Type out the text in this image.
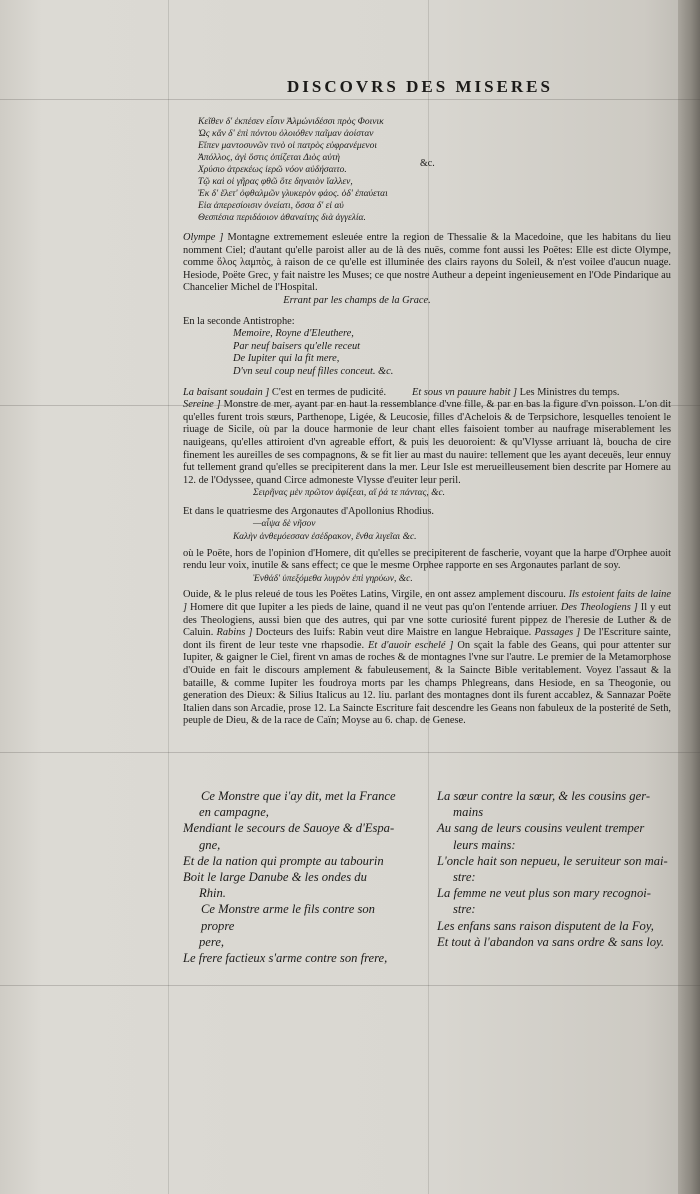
DISCOVRS DES MISERES
Κεῖθεν δ' ἐκπέσεν εἶσιν Ἀλμώνιδέσσι πρὸς Φοινικ
Ὡς κἄν δ' ἐπὶ πόντου ὀλοιόθεν παῖμαν ἀοίσταν
Εἴπεν μαντοσυνῶν τινὸ οἱ πατρὸς εὐφρανέμενοι
Ἀπόλλος, ἀγὶ ὅστις ὀπίζεται Διὸς αὐτὴ
Χρύσιο ἀτρεκέως ἱερῶ νόον αὐδήσαιτο.
Τῷ καὶ οἱ γῆρας φθῶ ὅτε δηναιὸν ἴαλλεν,
Ἐκ δ' ἔλετ' ὀφθαλμῶν γλυκερὸν φάος. ὁδ' ἐπαύεται
Εἰα ἀπερεσίοισιν ὀνείατι, ὅσσα δ' εἰ αὐ
Θεσπέσια περιδάοιον ἀθαναίτης διὰ ἀγγελία.
&c.

Olympe ] Montagne extremement esleuée entre la region de Thessalie & la Macedoine, que les habitans du lieu nomment Ciel; d'autant qu'elle paroist aller au de là des nuës, comme font aussi les Poëtes: Elle est dicte Olympe, comme ὅλος λαμπὸς, à raison de ce qu'elle est illuminée des clairs rayons du Soleil, & n'est voilee d'aucun nuage. Hesiode, Poëte Grec, y fait naistre les Muses; ce que nostre Autheur a depeint ingenieusement en l'Ode Pindarique au Chancelier Michel de l'Hospital.

Errant par les champs de la Grace.
En la seconde Antistrophe:
Memoire, Royne d'Eleuthere,
Par neuf baisers qu'elle receut
De Iupiter qui la fit mere,
D'vn seul coup neuf filles conceut. &c.

La baisant soudain ] C'est en termes de pudicité. Et sous vn pauure habit ] Les Ministres du temps.

Sereine ] Monstre de mer, ayant par en haut la ressemblance d'vne fille, & par en bas la figure d'vn poisson. L'on dit qu'elles furent trois sœurs, Parthenope, Ligée, & Leucosie, filles d'Achelois & de Terpsichore, lesquelles tenoient le riuage de Sicile, où par la douce harmonie de leur chant elles faisoient tomber au naufrage miserablement les nauigeans, qu'elles attiroient d'vn agreable effort, & puis les deuoroient: & qu'Vlysse arriuant là, boucha de cire finement les aureilles de ses compagnons, & se fit lier au mast du nauire: tellement que les ayant deceuës, leur ennuy fut tellement grand qu'elles se precipiterent dans la mer. Leur Isle est merueilleusement bien descrite par Homere au 12. de l'Odyssee, quand Circe admoneste Vlysse d'euiter leur peril.

Σειρῆνας μὲν πρῶτον ἀφίξεαι, αἵ ῥά τε πάντας, &c.
Et dans le quatriesme des Argonautes d'Apollonius Rhodius.
—αἶψα δὲ νῆσον
Καλὴν ἀνθεμόεσσαν ἐσέδρακον, ἔνθα λιγεῖαι &c.

où le Poëte, hors de l'opinion d'Homere, dit qu'elles se precipiterent de fascherie, voyant que la harpe d'Orphee auoit rendu leur voix, inutile & sans effect; ce que le mesme Orphee rapporte en ses Argonautes parlant de soy.

Ἐνθάδ' ὑπεξόμεθα λυγρὸν ἐπὶ γηρύων, &c.

Ouide, & le plus releué de tous les Poëtes Latins, Virgile, en ont assez amplement discouru. Ils estoient faits de laine ] Homere dit que Iupiter a les pieds de laine, quand il ne veut pas qu'on l'entende arriuer. Des Theologiens ] Il y eut des Theologiens, aussi bien que des autres, qui par vne sotte curiosité furent pippez de l'heresie de Luther & de Caluin. Rabins ] Docteurs des Iuifs: Rabin veut dire Maistre en langue Hebraique. Passages ] De l'Escriture sainte, dont ils firent de leur teste vne rhapsodie. Et d'auoir eschelé ] On sçait la fable des Geans, qui pour attenter sur Iupiter, & gaigner le Ciel, firent vn amas de roches & de montagnes l'vne sur l'autre. Le premier de la Metamorphose d'Ouide en fait le discours amplement & fabuleusement, & la Saincte Bible veritablement. Voyez l'assaut & la bataille, & comme Iupiter les foudroya morts par les champs Phlegreans, dans Hesiode, en sa Theogonie, ou generation des Dieux: & Silius Italicus au 12. liu. parlant des montagnes dont ils furent accablez, & Sannazar Poëte Italien dans son Arcadie, prose 12. La Saincte Escriture fait descendre les Geans non fabuleux de la posterité de Seth, peuple de Dieu, & de la race de Caïn; Moyse au 6. chap. de Genese.

Ce Monstre que i'ay dit, met la France
en campagne,
Mendiant le secours de Sauoye & d'Espa-
gne,
Et de la nation qui prompte au tabourin
Boit le large Danube & les ondes du
Rhin.
Ce Monstre arme le fils contre son propre
pere,
Le frere factieux s'arme contre son frere,
La sœur contre la sœur, & les cousins ger-
mains
Au sang de leurs cousins veulent tremper
leurs mains:
L'oncle hait son nepueu, le seruiteur son mai-
stre:
La femme ne veut plus son mary recognoi-
stre:
Les enfans sans raison disputent de la Foy,
Et tout à l'abandon va sans ordre & sans loy.
